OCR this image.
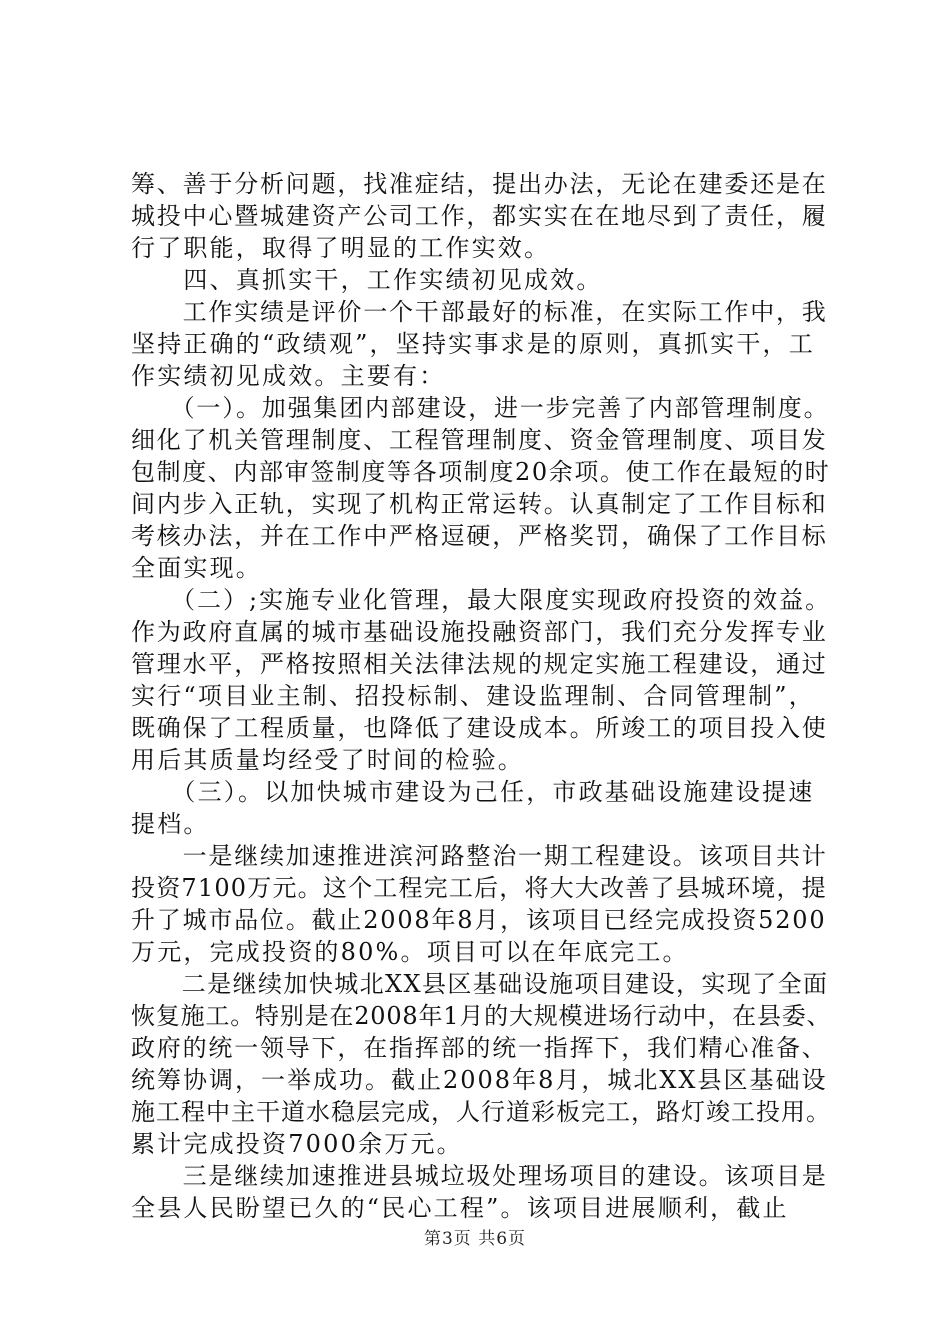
筹、善于分析问题，找准症结，提出办法，无论在建委还是在
城投中心暨城建资产公司工作，都实实在在地尽到了责任，履
行了职能，取得了明显的工作实效。
　　四、真抓实干，工作实绩初见成效。
　　工作实绩是评价一个干部最好的标准，在实际工作中，我
坚持正确的“政绩观”，坚持实事求是的原则，真抓实干，工
作实绩初见成效。主要有：
　　（一）。加强集团内部建设，进一步完善了内部管理制度。
细化了机关管理制度、工程管理制度、资金管理制度、项目发
包制度、内部审签制度等各项制度20余项。使工作在最短的时
间内步入正轨，实现了机构正常运转。认真制定了工作目标和
考核办法，并在工作中严格逗硬，严格奖罚，确保了工作目标
全面实现。
　　（二）;实施专业化管理，最大限度实现政府投资的效益。
作为政府直属的城市基础设施投融资部门，我们充分发挥专业
管理水平，严格按照相关法律法规的规定实施工程建设，通过
实行“项目业主制、招投标制、建设监理制、合同管理制”，
既确保了工程质量，也降低了建设成本。所竣工的项目投入使
用后其质量均经受了时间的检验。
　　（三）。以加快城市建设为己任，市政基础设施建设提速
提档。
　　一是继续加速推进滨河路整治一期工程建设。该项目共计
投资7100万元。这个工程完工后，将大大改善了县城环境，提
升了城市品位。截止2008年8月，该项目已经完成投资5200
万元，完成投资的80%。项目可以在年底完工。
　　二是继续加快城北XX县区基础设施项目建设，实现了全面
恢复施工。特别是在2008年1月的大规模进场行动中，在县委、
政府的统一领导下，在指挥部的统一指挥下，我们精心准备、
统筹协调，一举成功。截止2008年8月，城北XX县区基础设
施工程中主干道水稳层完成，人行道彩板完工，路灯竣工投用。
累计完成投资7000余万元。
　　三是继续加速推进县城垃圾处理场项目的建设。该项目是
全县人民盼望已久的“民心工程”。该项目进展顺利，截止
第3页 共6页
